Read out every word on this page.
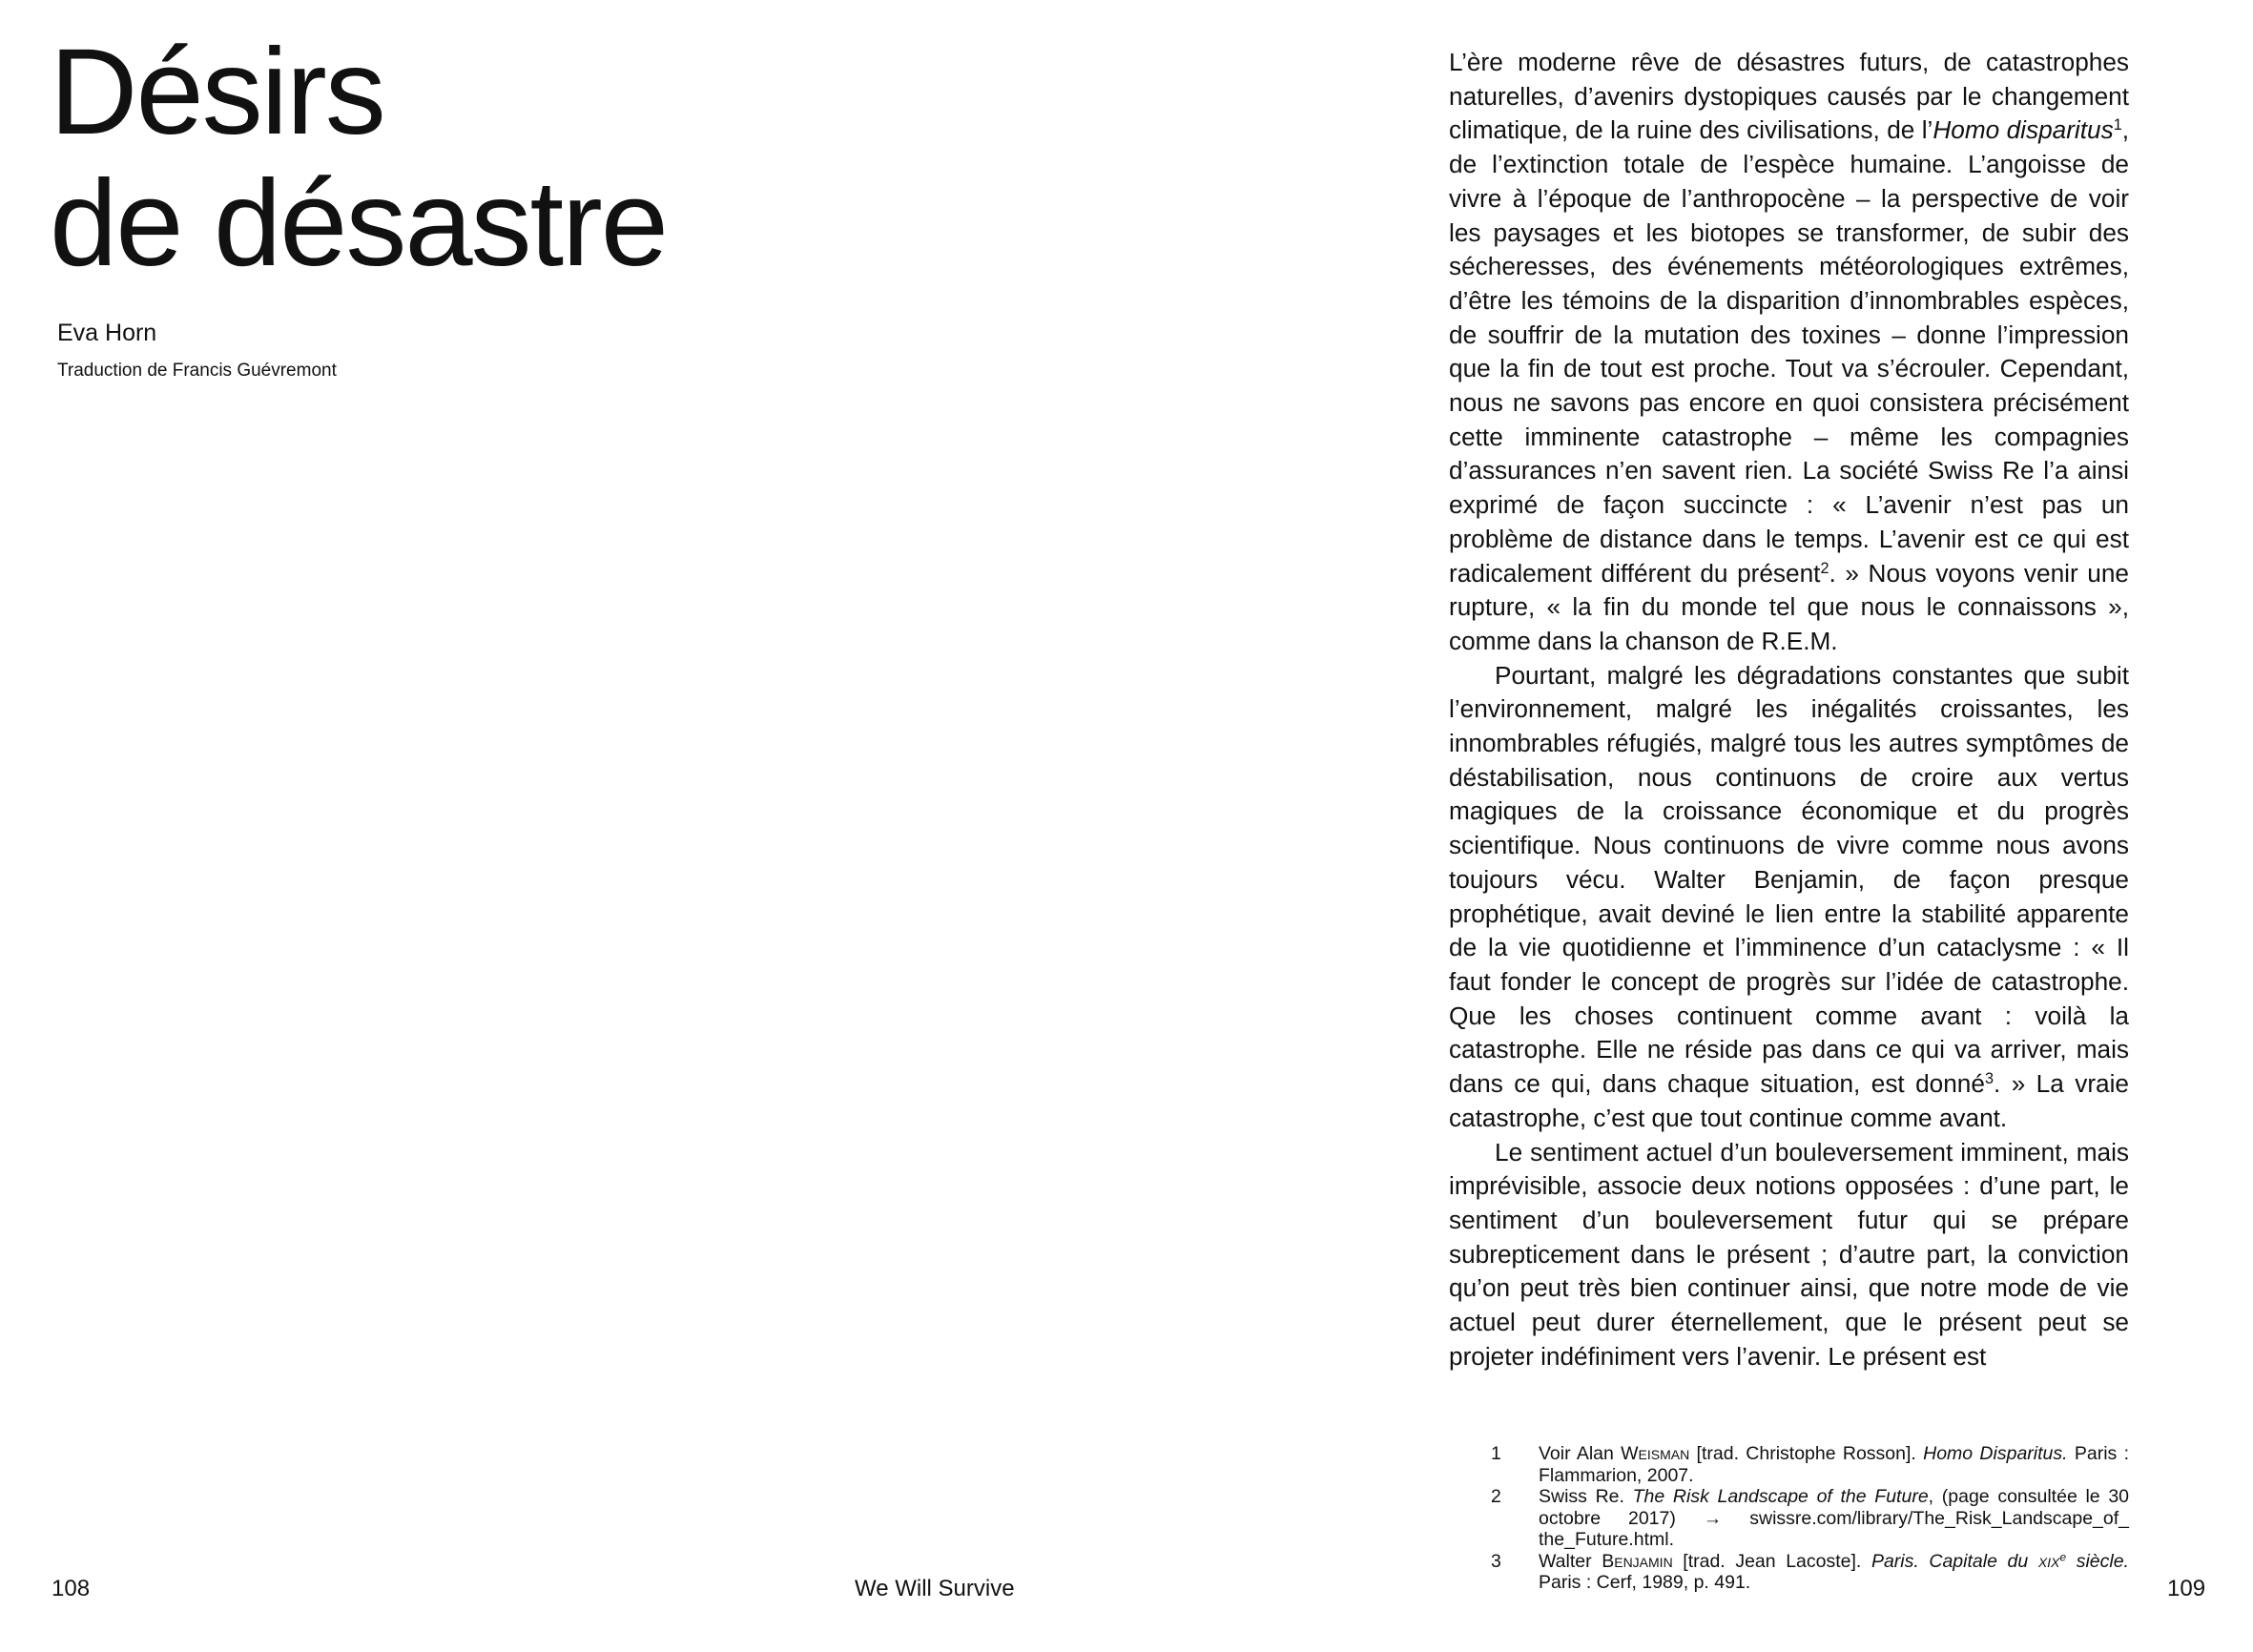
Désirs
de désastre
Eva Horn
Traduction de Francis Guévremont

L’ère moderne rêve de désastres futurs, de catastrophes naturelles, d’avenirs dystopiques causés par le changement climatique, de la ruine des civilisations, de l’Homo disparitus$^1$, de l’extinction totale de l’espèce humaine. L’angoisse de vivre à l’époque de l’anthropocène – la perspective de voir les paysages et les biotopes se transformer, de subir des sécheresses, des événements météorologiques extrêmes, d’être les témoins de la disparition d’innombrables espèces, de souffrir de la mutation des toxines – donne l’impression que la fin de tout est proche. Tout va s’écrouler. Cependant, nous ne savons pas encore en quoi consistera précisément cette imminente catastrophe – même les compagnies d’assurances n’en savent rien. La société Swiss Re l’a ainsi exprimé de façon succincte : « L’avenir n’est pas un problème de distance dans le temps. L’avenir est ce qui est radicalement différent du présent$^2$. » Nous voyons venir une rupture, « la fin du monde tel que nous le connaissons », comme dans la chanson de R.E.M.

Pourtant, malgré les dégradations constantes que subit l’environnement, malgré les inégalités croissantes, les innombrables réfugiés, malgré tous les autres symptômes de déstabilisation, nous continuons de croire aux vertus magiques de la croissance économique et du progrès scientifique. Nous continuons de vivre comme nous avons toujours vécu. Walter Benjamin, de façon presque prophétique, avait deviné le lien entre la stabilité apparente de la vie quotidienne et l’imminence d’un cataclysme : « Il faut fonder le concept de progrès sur l’idée de catastrophe. Que les choses continuent comme avant : voilà la catastrophe. Elle ne réside pas dans ce qui va arriver, mais dans ce qui, dans chaque situation, est donné$^3$. » La vraie catastrophe, c’est que tout continue comme avant.

Le sentiment actuel d’un bouleversement imminent, mais imprévisible, associe deux notions opposées : d’une part, le sentiment d’un bouleversement futur qui se prépare subrepticement dans le présent ; d’autre part, la conviction qu’on peut très bien continuer ainsi, que notre mode de vie actuel peut durer éternellement, que le présent peut se projeter indéfiniment vers l’avenir. Le présent est

1	Voir Alan Weisman [trad. Christophe Rosson]. Homo Disparitus. Paris : Flammarion, 2007.
2	Swiss Re. The Risk Landscape of the Future, (page consultée le 30 octobre 2017) → swissre.com/library/The_Risk_Landscape_of_ the_Future.html.
3	Walter Benjamin [trad. Jean Lacoste]. Paris. Capitale du xix$^e$ siècle. Paris : Cerf, 1989, p. 491.
108	We Will Survive	109
